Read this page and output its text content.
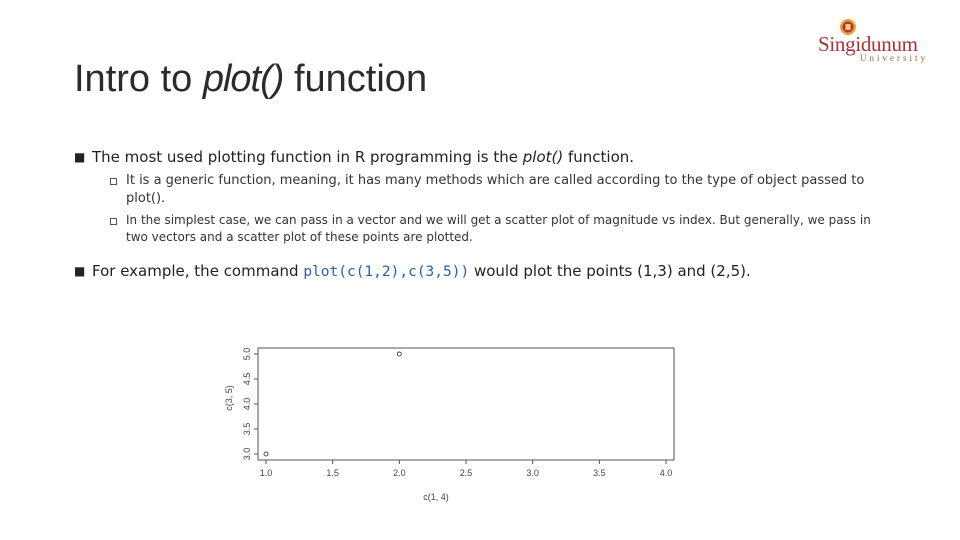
Intro to plot() function
Singidunum
University
■ The most used plotting function in R programming is the plot() function.
It is a generic function, meaning, it has many methods which are called according to the type of object passed to plot().
In the simplest case, we can pass in a vector and we will get a scatter plot of magnitude vs index. But generally, we pass in two vectors and a scatter plot of these points are plotted.
■ For example, the command plot(c(1,2),c(3,5)) would plot the points (1,3) and (2,5).
1.0	1.5	2.0	2.5	3.0	3.5	4.0
3.0
3.5
4.0
4.5
5.0
c(1, 4)
c(3, 5)
